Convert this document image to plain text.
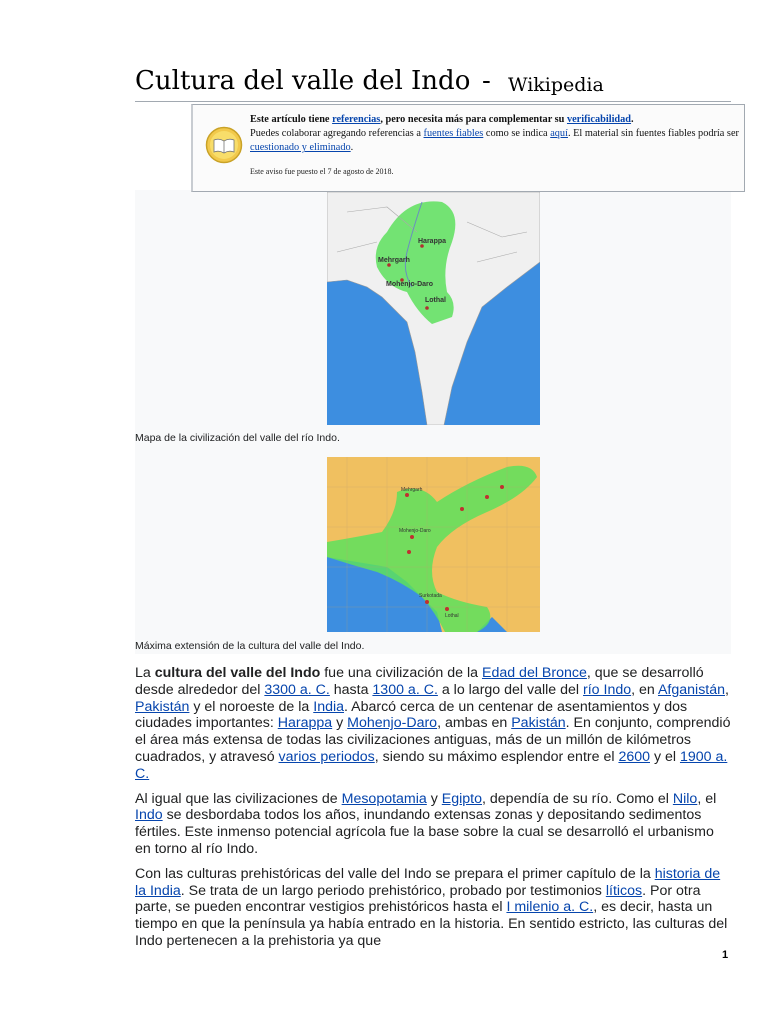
Cultura del valle del Indo - Wikipedia
Este artículo tiene referencias, pero necesita más para complementar su verificabilidad.
Puedes colaborar agregando referencias a fuentes fiables como se indica aquí. El material sin fuentes fiables podría ser cuestionado y eliminado.
Este aviso fue puesto el 7 de agosto de 2018.
Harappa
Mehrgarh
Mohenjo-Daro
Lothal
Mapa de la civilización del valle del río Indo.
Mehrgarh
Mohenjo-Daro
Surkotada
Lothal
Máxima extensión de la cultura del valle del Indo.

La cultura del valle del Indo fue una civilización de la Edad del Bronce, que se desarrolló desde alrededor del 3300 a. C. hasta 1300 a. C. a lo largo del valle del río Indo, en Afganistán, Pakistán y el noroeste de la India. Abarcó cerca de un centenar de asentamientos y dos ciudades importantes: Harappa y Mohenjo-Daro, ambas en Pakistán. En conjunto, comprendió el área más extensa de todas las civilizaciones antiguas, más de un millón de kilómetros cuadrados, y atravesó varios periodos, siendo su máximo esplendor entre el 2600 y el 1900 a. C.

Al igual que las civilizaciones de Mesopotamia y Egipto, dependía de su río. Como el Nilo, el Indo se desbordaba todos los años, inundando extensas zonas y depositando sedimentos fértiles. Este inmenso potencial agrícola fue la base sobre la cual se desarrolló el urbanismo en torno al río Indo.

Con las culturas prehistóricas del valle del Indo se prepara el primer capítulo de la historia de la India. Se trata de un largo periodo prehistórico, probado por testimonios líticos. Por otra parte, se pueden encontrar vestigios prehistóricos hasta el I milenio a. C., es decir, hasta un tiempo en que la península ya había entrado en la historia. En sentido estricto, las culturas del Indo pertenecen a la prehistoria ya que

1
